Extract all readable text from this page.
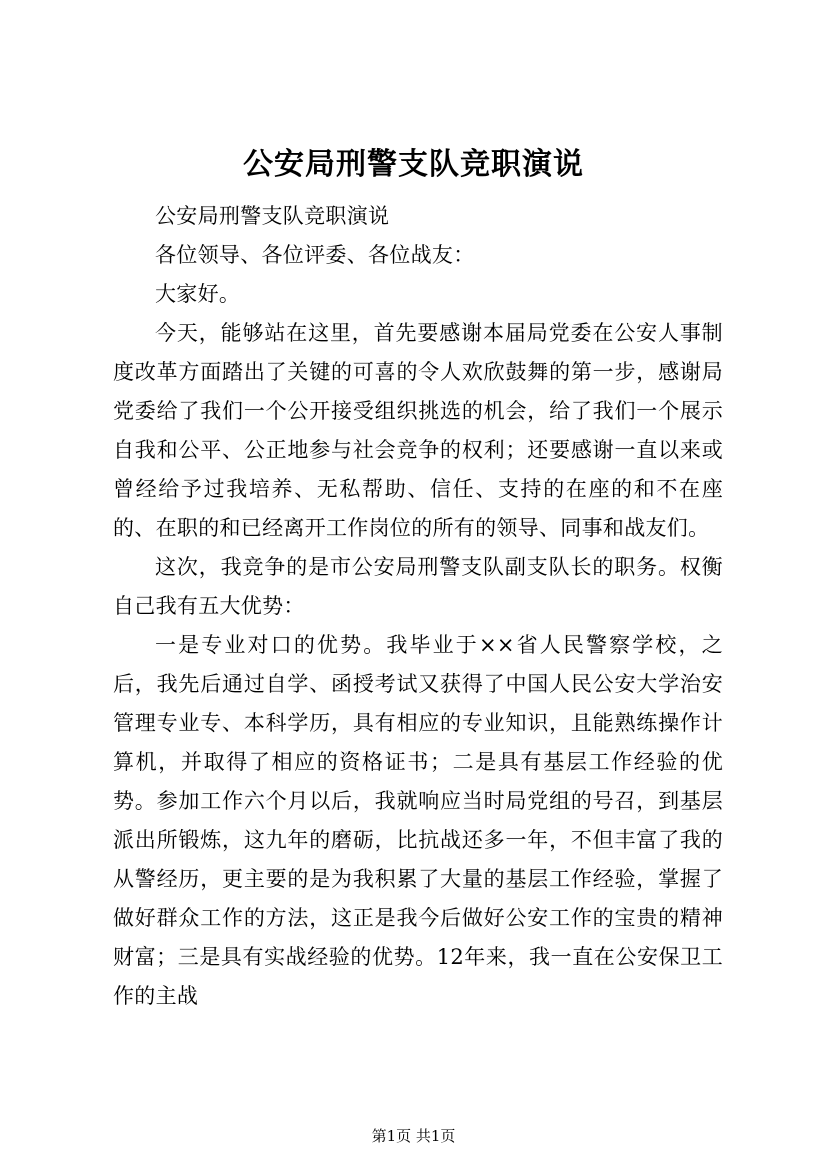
公安局刑警支队竞职演说

公安局刑警支队竞职演说

各位领导、各位评委、各位战友：

大家好。

今天，能够站在这里，首先要感谢本届局党委在公安人事制度改革方面踏出了关键的可喜的令人欢欣鼓舞的第一步，感谢局党委给了我们一个公开接受组织挑选的机会，给了我们一个展示自我和公平、公正地参与社会竞争的权利；还要感谢一直以来或曾经给予过我培养、无私帮助、信任、支持的在座的和不在座的、在职的和已经离开工作岗位的所有的领导、同事和战友们。

这次，我竞争的是市公安局刑警支队副支队长的职务。权衡自己我有五大优势：

一是专业对口的优势。我毕业于××省人民警察学校，之后，我先后通过自学、函授考试又获得了中国人民公安大学治安管理专业专、本科学历，具有相应的专业知识，且能熟练操作计算机，并取得了相应的资格证书；二是具有基层工作经验的优势。参加工作六个月以后，我就响应当时局党组的号召，到基层派出所锻炼，这九年的磨砺，比抗战还多一年，不但丰富了我的从警经历，更主要的是为我积累了大量的基层工作经验，掌握了做好群众工作的方法，这正是我今后做好公安工作的宝贵的精神财富；三是具有实战经验的优势。12年来，我一直在公安保卫工作的主战

第1页 共1页
